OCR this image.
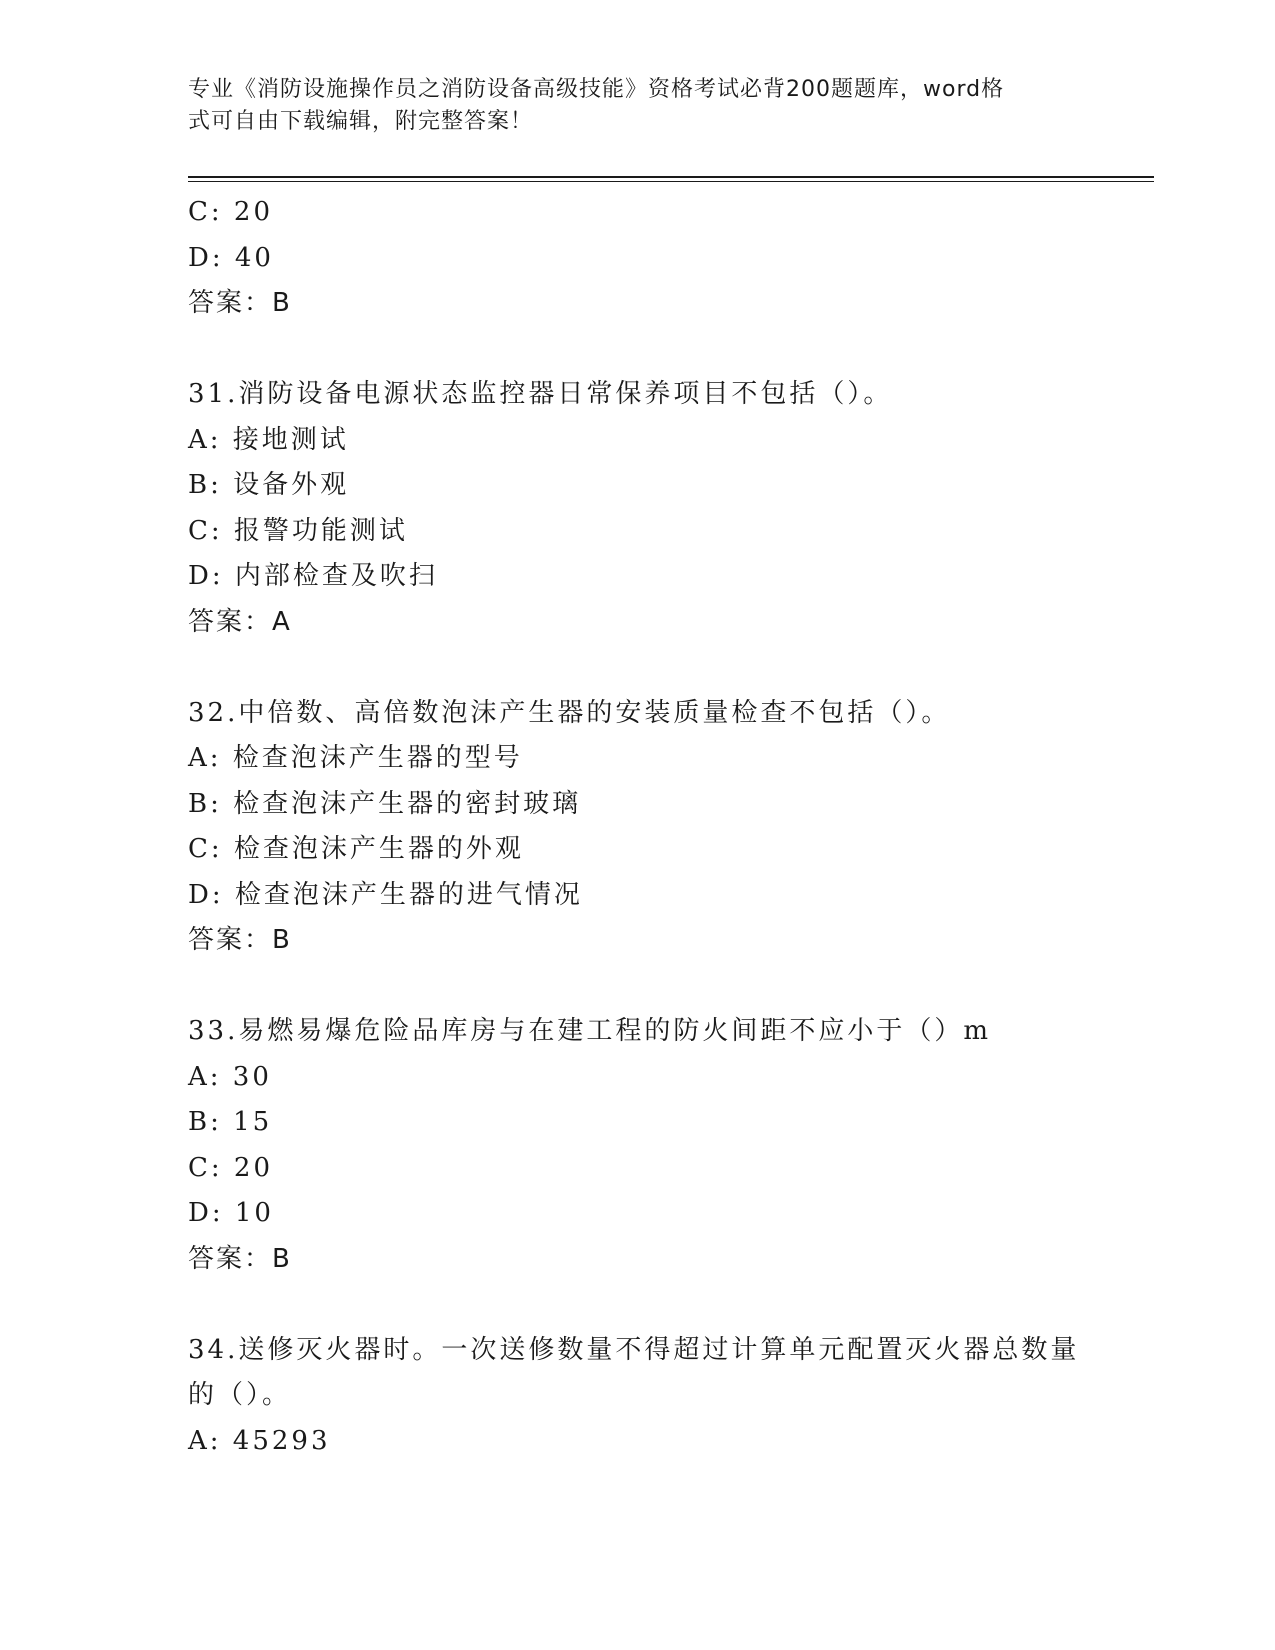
专业《消防设施操作员之消防设备高级技能》资格考试必背200题题库，word格
式可自由下载编辑，附完整答案！
C: 20
D: 40
答案：B
31.消防设备电源状态监控器日常保养项目不包括（）。
A: 接地测试
B: 设备外观
C: 报警功能测试
D: 内部检查及吹扫
答案：A
32.中倍数、高倍数泡沫产生器的安装质量检查不包括（）。
A: 检查泡沫产生器的型号
B: 检查泡沫产生器的密封玻璃
C: 检查泡沫产生器的外观
D: 检查泡沫产生器的进气情况
答案：B
33.易燃易爆危险品库房与在建工程的防火间距不应小于（）m
A: 30
B: 15
C: 20
D: 10
答案：B
34.送修灭火器时。一次送修数量不得超过计算单元配置灭火器总数量
的（）。
A: 45293
